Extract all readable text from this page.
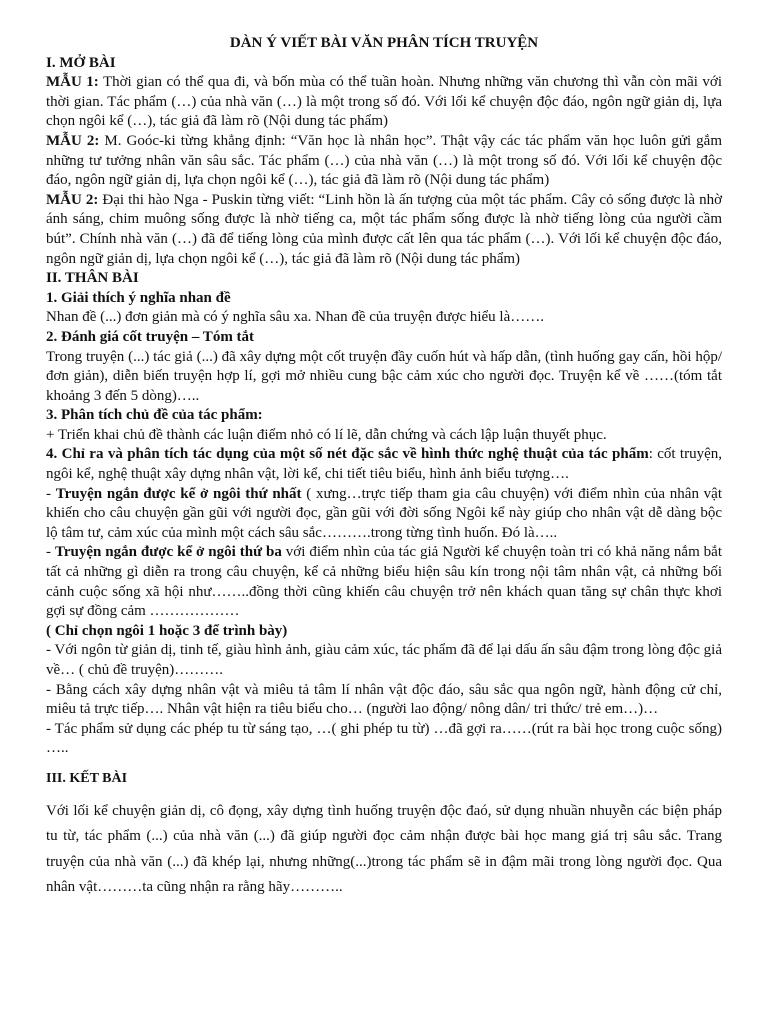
DÀN Ý VIẾT BÀI VĂN PHÂN TÍCH TRUYỆN
I. MỞ BÀI

MẪU 1: Thời gian có thể qua đi, và bốn mùa có thể tuần hoàn. Nhưng những văn chương thì vẫn còn mãi với thời gian. Tác phẩm (…) của nhà văn (…) là một trong số đó. Với lối kể chuyện độc đáo, ngôn ngữ giản dị, lựa chọn ngôi kể (…), tác giả đã làm rõ (Nội dung tác phẩm)

MẪU 2: M. Goóc-ki từng khẳng định: “Văn học là nhân học”. Thật vậy các tác phẩm văn học luôn gửi gắm những tư tưởng nhân văn sâu sắc. Tác phẩm (…) của nhà văn (…) là một trong số đó. Với lối kể chuyện độc đáo, ngôn ngữ giản dị, lựa chọn ngôi kể (…), tác giả đã làm rõ (Nội dung tác phẩm)

MẪU 2: Đại thi hào Nga - Puskin từng viết: “Linh hồn là ấn tượng của một tác phẩm. Cây cỏ sống được là nhờ ánh sáng, chim muông sống được là nhờ tiếng ca, một tác phẩm sống được là nhờ tiếng lòng của người cầm bút”. Chính nhà văn (…) đã để tiếng lòng của mình được cất lên qua tác phẩm (…). Với lối kể chuyện độc đáo, ngôn ngữ giản dị, lựa chọn ngôi kể (…), tác giả đã làm rõ (Nội dung tác phẩm)

II. THÂN BÀI
1. Giải thích ý nghĩa nhan đề

Nhan đề (...) đơn giản mà có ý nghĩa sâu xa. Nhan đề của truyện được hiểu là…….

2. Đánh giá cốt truyện – Tóm tắt

Trong truyện (...) tác giả (...) đã xây dựng một cốt truyện đầy cuốn hút và hấp dẫn, (tình huống gay cấn, hồi hộp/ đơn giản), diễn biến truyện hợp lí, gợi mở nhiều cung bậc cảm xúc cho người đọc. Truyện kể về ……(tóm tắt khoảng 3 đến 5 dòng)…..

3. Phân tích chủ đề của tác phẩm:

+ Triển khai chủ đề thành các luận điểm nhỏ có lí lẽ, dẫn chứng và cách lập luận thuyết phục.

4. Chỉ ra và phân tích tác dụng của một số nét đặc sắc về hình thức nghệ thuật của tác phẩm: cốt truyện, ngôi kể, nghệ thuật xây dựng nhân vật, lời kể, chi tiết tiêu biểu, hình ảnh biểu tượng….

- Truyện ngắn được kể ở ngôi thứ nhất ( xưng…trực tiếp tham gia câu chuyện) với điểm nhìn của nhân vật khiến cho câu chuyện gần gũi với người đọc, gần gũi với đời sống Ngôi kể này giúp cho nhân vật dễ dàng bộc lộ tâm tư, cảm xúc của mình một cách sâu sắc……….trong từng tình huốn. Đó là…..

- Truyện ngắn được kể ở ngôi thứ ba với điểm nhìn của tác giả Người kể chuyện toàn tri có khả năng nắm bắt tất cả những gì diễn ra trong câu chuyện, kể cả những biểu hiện sâu kín trong nội tâm nhân vật, cả những bối cảnh cuộc sống xã hội như……..đồng thời cũng khiến câu chuyện trở nên khách quan tăng sự chân thực khơi gợi sự đồng cảm ………………

( Chỉ chọn ngôi 1 hoặc 3 để trình bày)

- Với ngôn từ giản dị, tinh tế, giàu hình ảnh, giàu cảm xúc, tác phẩm đã để lại dấu ấn sâu đậm trong lòng độc giả về… ( chủ đề truyện)……….

- Bằng cách xây dựng nhân vật và miêu tả tâm lí nhân vật độc đáo, sâu sắc qua ngôn ngữ, hành động cử chỉ, miêu tả trực tiếp…. Nhân vật hiện ra tiêu biểu cho… (người lao động/ nông dân/ tri thức/ trẻ em…)…

- Tác phẩm sử dụng các phép tu từ sáng tạo, …( ghi phép tu từ) …đã gợi ra……(rút ra bài học trong cuộc sống) …..

III. KẾT BÀI

Với lối kể chuyện giản dị, cô đọng, xây dựng tình huống truyện độc đaó, sử dụng nhuần nhuyễn các biện pháp tu từ, tác phẩm (...) của nhà văn (...) đã giúp người đọc cảm nhận được bài học mang giá trị sâu sắc. Trang truyện của nhà văn (...) đã khép lại, nhưng những(...)trong tác phẩm sẽ in đậm mãi trong lòng người đọc. Qua nhân vật………ta cũng nhận ra rằng hãy………..
